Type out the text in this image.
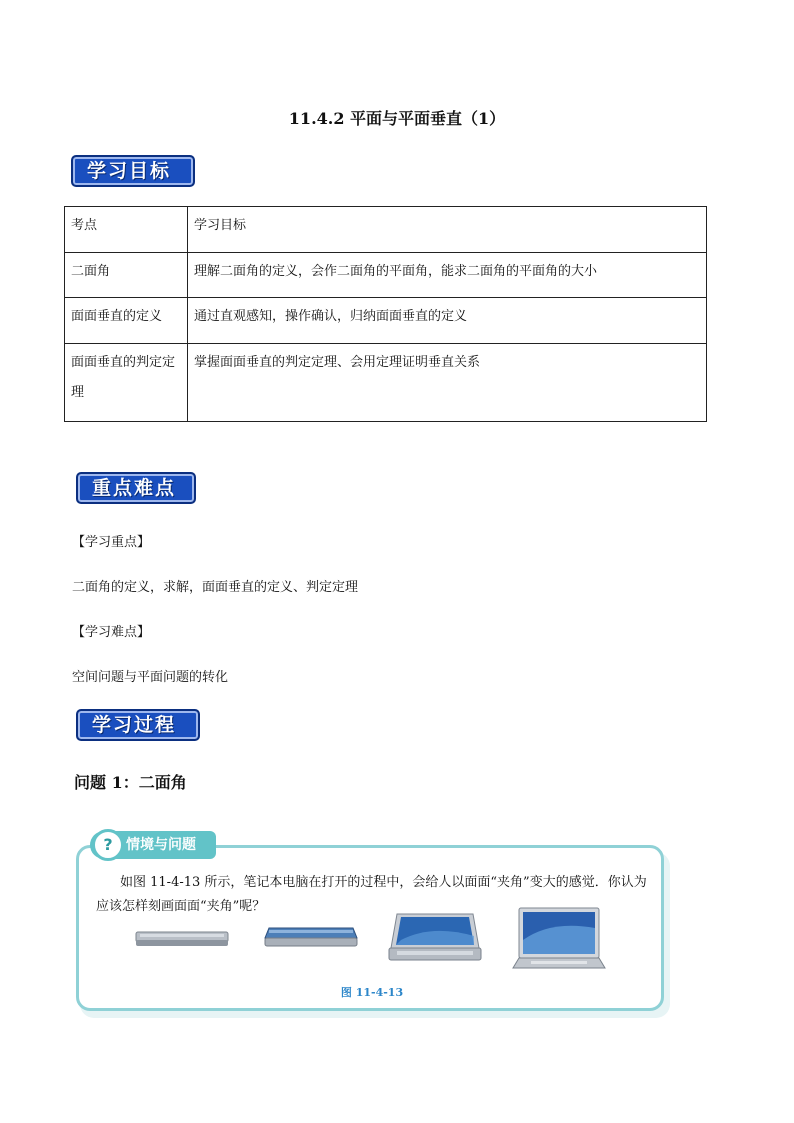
11.4.2 平面与平面垂直（1）
学习目标
考点	学习目标
二面角	理解二面角的定义，会作二面角的平面角，能求二面角的平面角的大小
面面垂直的定义	通过直观感知，操作确认，归纳面面垂直的定义
面面垂直的判定定理	掌握面面垂直的判定定理、会用定理证明垂直关系
重点难点
【学习重点】
二面角的定义，求解，面面垂直的定义、判定定理
【学习难点】
空间问题与平面问题的转化
学习过程
问题 1：二面角
情境与问题
?
如图 11-4-13 所示，笔记本电脑在打开的过程中，会给人以面面“夹角”变大的感觉．你认为应该怎样刻画面面“夹角”呢？
图 11-4-13
